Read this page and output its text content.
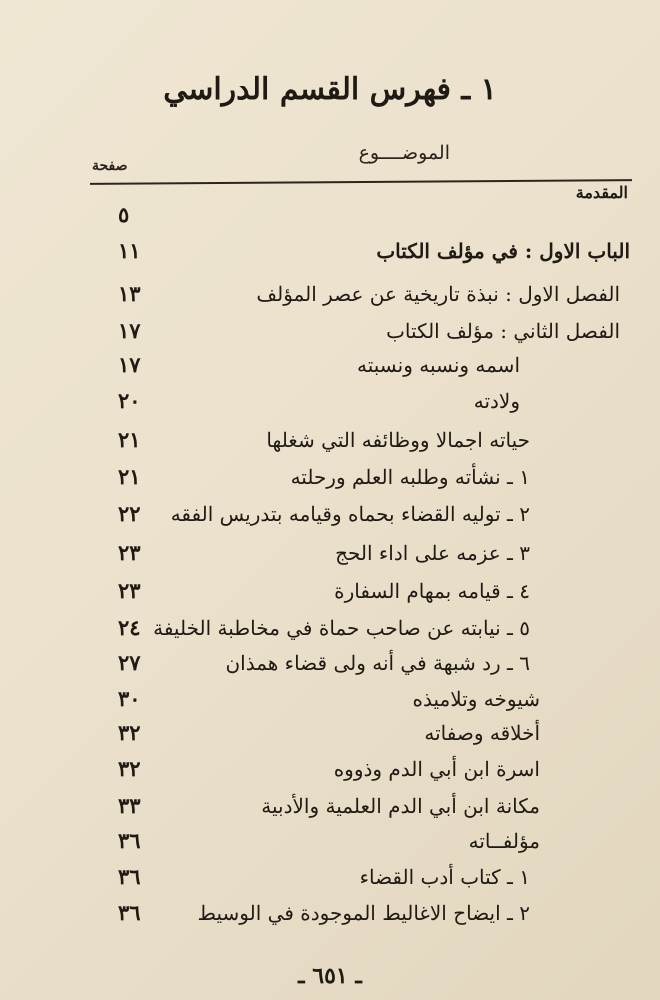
١ ـ فهرس القسم الدراسي
الموضــــوع
صفحة
المقدمة
٥
الباب الاول : في مؤلف الكتاب
١١
الفصل الاول : نبذة تاريخية عن عصر المؤلف
١٣
الفصل الثاني : مؤلف الكتاب
١٧
اسمه ونسبه ونسبته
١٧
ولادته
٢٠
حياته اجمالا ووظائفه التي شغلها
٢١
١ ـ نشأته وطلبه العلم ورحلته
٢١
٢ ـ توليه القضاء بحماه وقيامه بتدريس الفقه
٢٢
٣ ـ عزمه على اداء الحج
٢٣
٤ ـ قيامه بمهام السفارة
٢٣
٥ ـ نيابته عن صاحب حماة في مخاطبة الخليفة
٢٤
٦ ـ رد شبهة في أنه ولى قضاء همذان
٢٧
شيوخه وتلاميذه
٣٠
أخلاقه وصفاته
٣٢
اسرة ابن أبي الدم وذووه
٣٢
مكانة ابن أبي الدم العلمية والأدبية
٣٣
مؤلفــاته
٣٦
١ ـ كتاب أدب القضاء
٣٦
٢ ـ ايضاح الاغاليط الموجودة في الوسيط
٣٦
ـ ٦٥١ ـ
